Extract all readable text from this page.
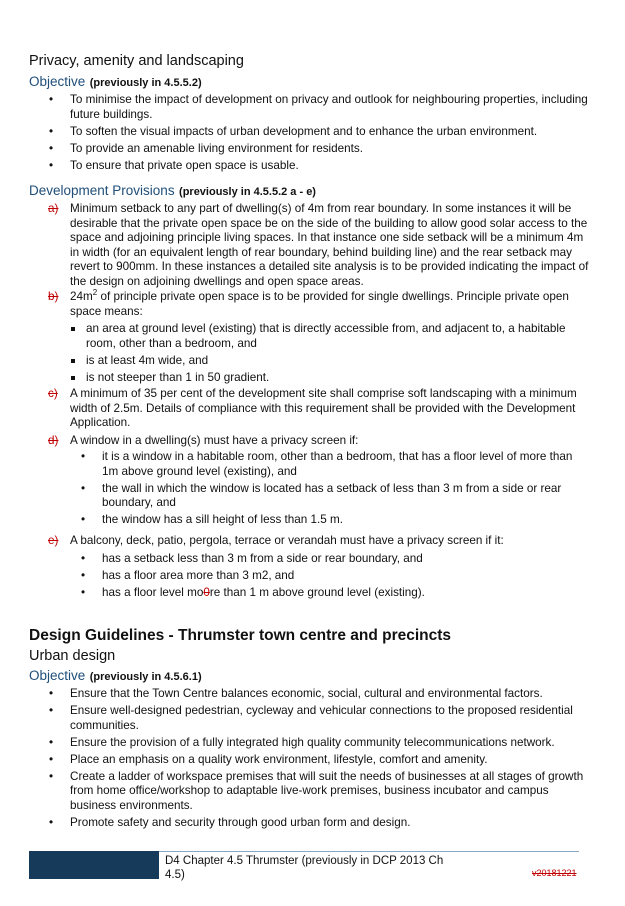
Privacy, amenity and landscaping
Objective (previously in 4.5.5.2)
• To minimise the impact of development on privacy and outlook for neighbouring properties, including future buildings.
• To soften the visual impacts of urban development and to enhance the urban environment.
• To provide an amenable living environment for residents.
• To ensure that private open space is usable.
Development Provisions (previously in 4.5.5.2 a - e)
a) Minimum setback to any part of dwelling(s) of 4m from rear boundary. In some instances it will be desirable that the private open space be on the side of the building to allow good solar access to the space and adjoining principle living spaces. In that instance one side setback will be a minimum 4m in width (for an equivalent length of rear boundary, behind building line) and the rear setback may revert to 900mm. In these instances a detailed site analysis is to be provided indicating the impact of the design on adjoining dwellings and open space areas.
b) $24m^2$ of principle private open space is to be provided for single dwellings. Principle private open space means:
an area at ground level (existing) that is directly accessible from, and adjacent to, a habitable room, other than a bedroom, and
is at least 4m wide, and
is not steeper than 1 in 50 gradient.
c) A minimum of 35 per cent of the development site shall comprise soft landscaping with a minimum width of 2.5m. Details of compliance with this requirement shall be provided with the Development Application.
d) A window in a dwelling(s) must have a privacy screen if:
• it is a window in a habitable room, other than a bedroom, that has a floor level of more than 1m above ground level (existing), and
• the wall in which the window is located has a setback of less than 3 m from a side or rear boundary, and
• the window has a sill height of less than 1.5 m.
e) A balcony, deck, patio, pergola, terrace or verandah must have a privacy screen if it:
• has a setback less than 3 m from a side or rear boundary, and
• has a floor area more than 3 m2, and
• has a floor level mo0re than 1 m above ground level (existing).
Design Guidelines - Thrumster town centre and precincts
Urban design
Objective (previously in 4.5.6.1)
• Ensure that the Town Centre balances economic, social, cultural and environmental factors.
• Ensure well-designed pedestrian, cycleway and vehicular connections to the proposed residential communities.
• Ensure the provision of a fully integrated high quality community telecommunications network.
• Place an emphasis on a quality work environment, lifestyle, comfort and amenity.
• Create a ladder of workspace premises that will suit the needs of businesses at all stages of growth from home office/workshop to adaptable live-work premises, business incubator and campus business environments.
• Promote safety and security through good urban form and design.
D4 Chapter 4.5 Thrumster (previously in DCP 2013 Ch 4.5)	v20181221
